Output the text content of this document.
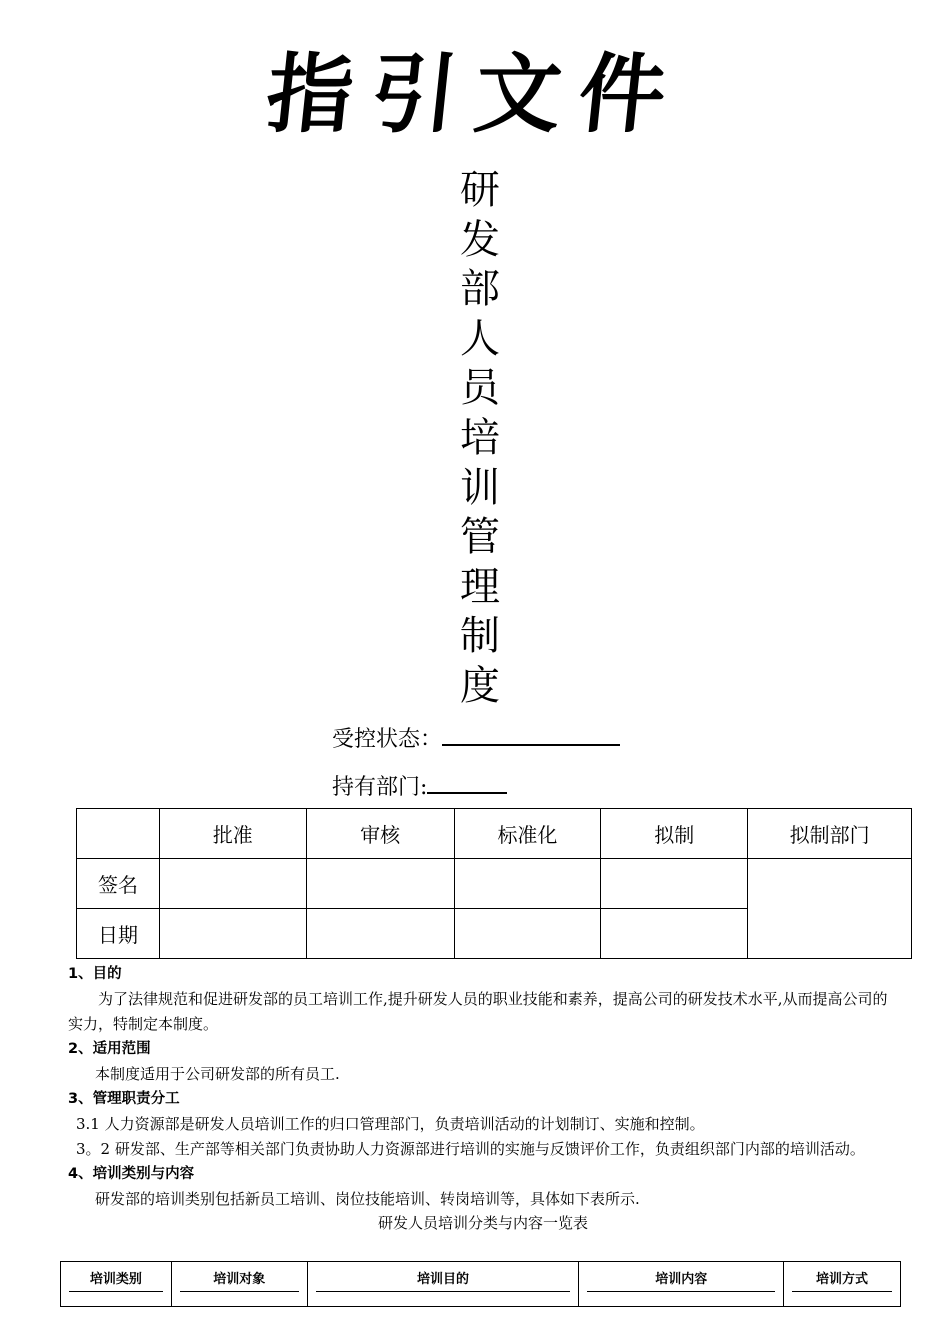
指引文件
研
发
部
人
员
培
训
管
理
制
度
受控状态：
持有部门:
	批准	审核	标准化	拟制	拟制部门
签名					
日期					

1、目的

为了法律规范和促进研发部的员工培训工作,提升研发人员的职业技能和素养，提高公司的研发技术水平,从而提高公司的实力，特制定本制度。

2、适用范围

本制度适用于公司研发部的所有员工.

3、管理职责分工

3.1 人力资源部是研发人员培训工作的归口管理部门，负责培训活动的计划制订、实施和控制。

3。2 研发部、生产部等相关部门负责协助人力资源部进行培训的实施与反馈评价工作，负责组织部门内部的培训活动。

4、培训类别与内容

研发部的培训类别包括新员工培训、岗位技能培训、转岗培训等，具体如下表所示.

研发人员培训分类与内容一览表

培训类别	培训对象	培训目的	培训内容	培训方式
